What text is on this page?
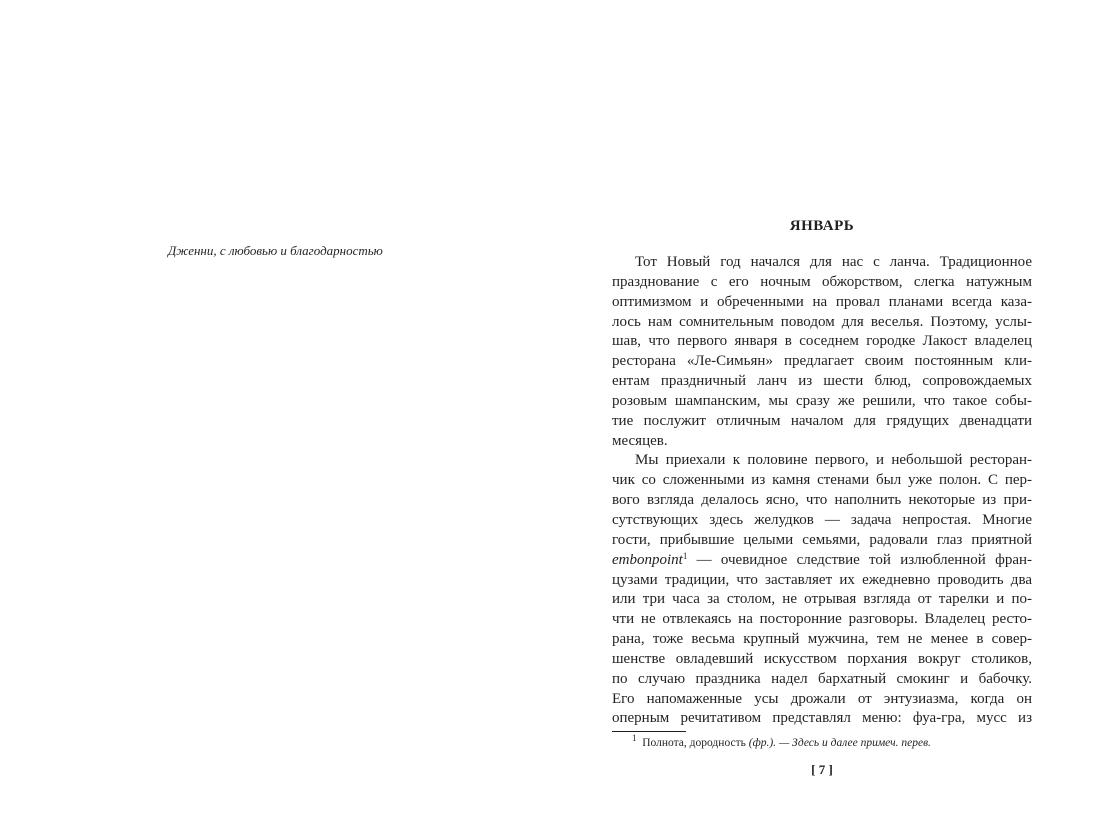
Дженни, с любовью и благодарностью
ЯНВАРЬ
Тот Новый год начался для нас с ланча. Традиционное
празднование с его ночным обжорством, слегка натужным
оптимизмом и обреченными на провал планами всегда каза-
лось нам сомнительным поводом для веселья. Поэтому, услы-
шав, что первого января в соседнем городке Лакост владелец
ресторана «Ле-Симьян» предлагает своим постоянным кли-
ентам праздничный ланч из шести блюд, сопровождаемых
розовым шампанским, мы сразу же решили, что такое собы-
тие послужит отличным началом для грядущих двенадцати
месяцев.
Мы приехали к половине первого, и небольшой ресторан-
чик со сложенными из камня стенами был уже полон. С пер-
вого взгляда делалось ясно, что наполнить некоторые из при-
сутствующих здесь желудков — задача непростая. Многие
гости, прибывшие целыми семьями, радовали глаз приятной
embonpoint$^1$ — очевидное следствие той излюбленной фран-
цузами традиции, что заставляет их ежедневно проводить два
или три часа за столом, не отрывая взгляда от тарелки и по-
чти не отвлекаясь на посторонние разговоры. Владелец ресто-
рана, тоже весьма крупный мужчина, тем не менее в совер-
шенстве овладевший искусством порхания вокруг столиков,
по случаю праздника надел бархатный смокинг и бабочку.
Его напомаженные усы дрожали от энтузиазма, когда он
оперным речитативом представлял меню: фуа-гра, мусс из
$^1$ Полнота, дородность (фр.). — Здесь и далее примеч. перев.
[ 7 ]
